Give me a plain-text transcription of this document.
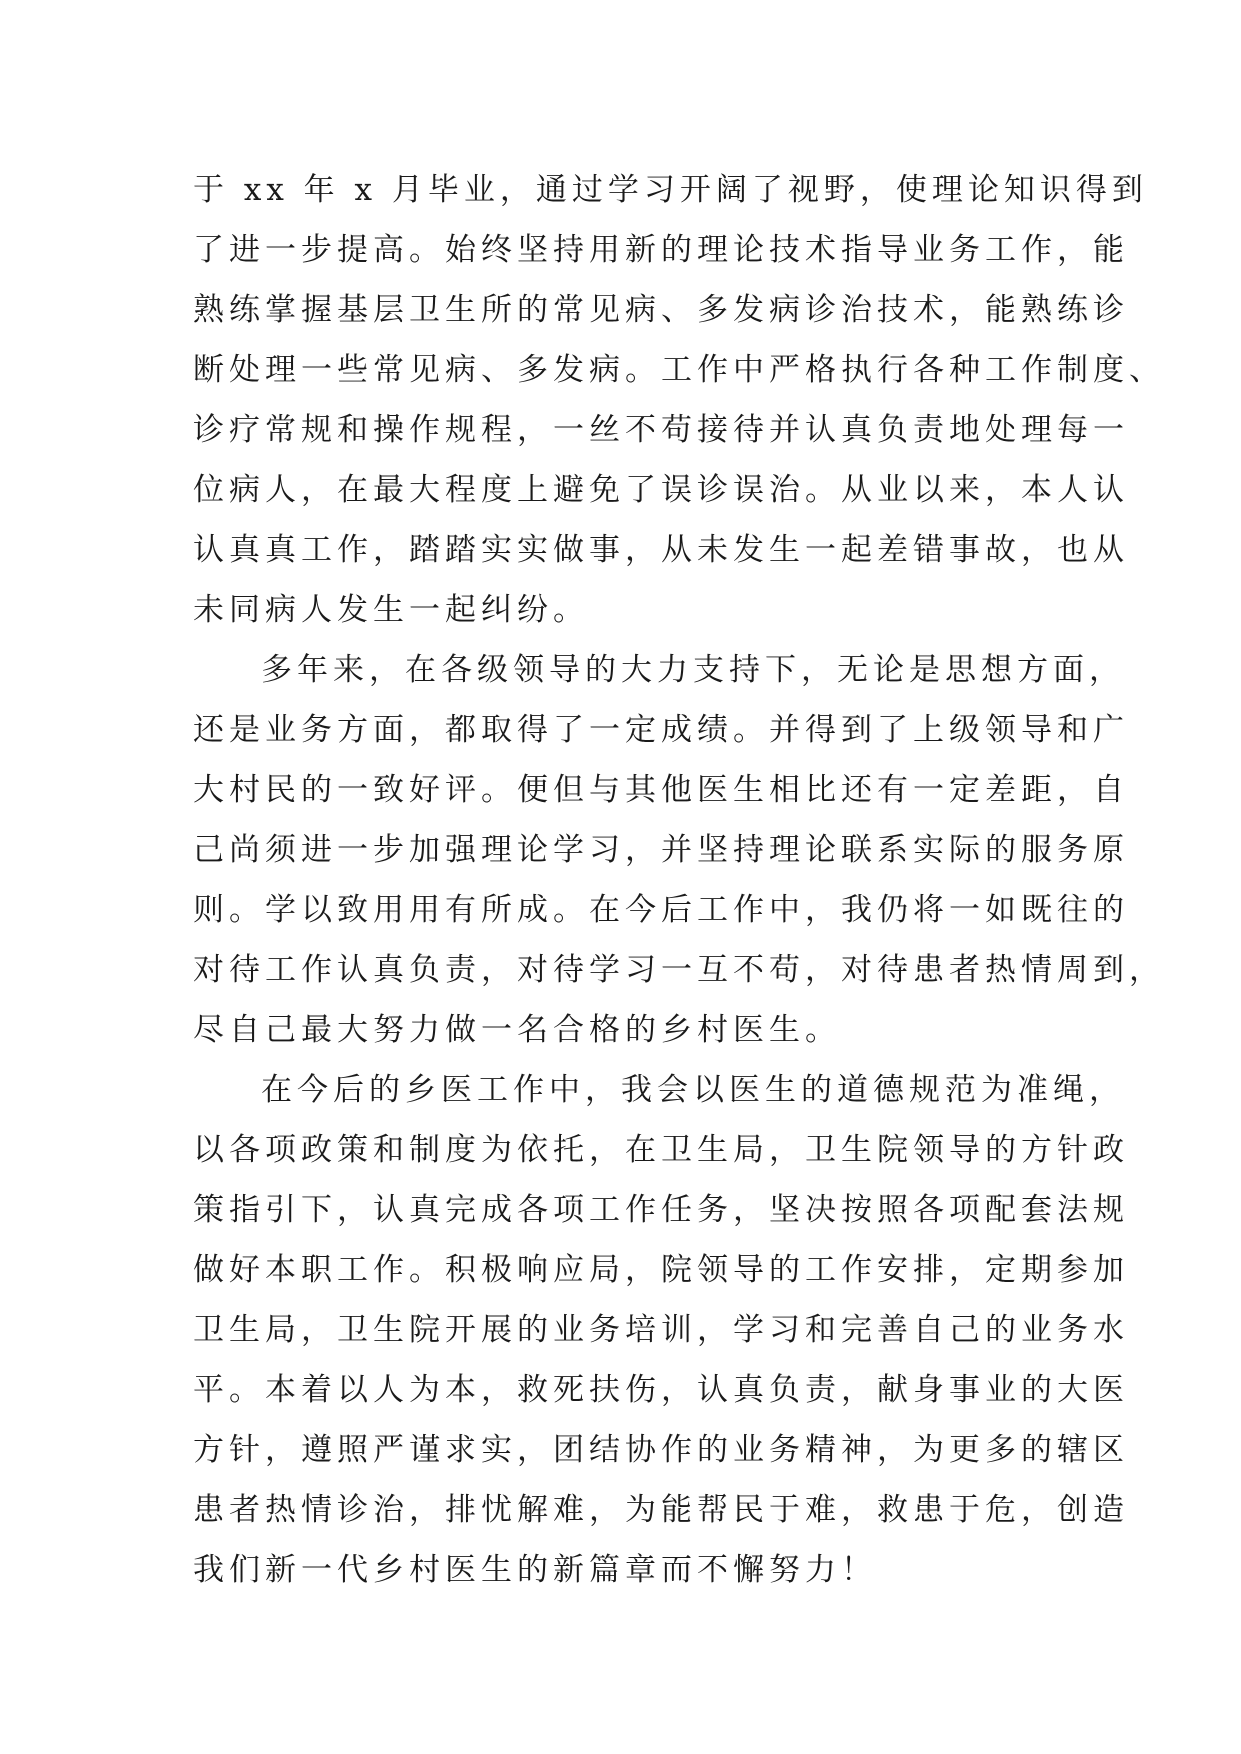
于 xx 年 x 月毕业，通过学习开阔了视野，使理论知识得到
了进一步提高。始终坚持用新的理论技术指导业务工作，能
熟练掌握基层卫生所的常见病、多发病诊治技术，能熟练诊
断处理一些常见病、多发病。工作中严格执行各种工作制度、
诊疗常规和操作规程，一丝不苟接待并认真负责地处理每一
位病人，在最大程度上避免了误诊误治。从业以来，本人认
认真真工作，踏踏实实做事，从未发生一起差错事故，也从
未同病人发生一起纠纷。
多年来，在各级领导的大力支持下，无论是思想方面，
还是业务方面，都取得了一定成绩。并得到了上级领导和广
大村民的一致好评。便但与其他医生相比还有一定差距，自
己尚须进一步加强理论学习，并坚持理论联系实际的服务原
则。学以致用用有所成。在今后工作中，我仍将一如既往的
对待工作认真负责，对待学习一互不苟，对待患者热情周到，
尽自己最大努力做一名合格的乡村医生。
在今后的乡医工作中，我会以医生的道德规范为准绳，
以各项政策和制度为依托，在卫生局，卫生院领导的方针政
策指引下，认真完成各项工作任务，坚决按照各项配套法规
做好本职工作。积极响应局，院领导的工作安排，定期参加
卫生局，卫生院开展的业务培训，学习和完善自己的业务水
平。本着以人为本，救死扶伤，认真负责，献身事业的大医
方针，遵照严谨求实，团结协作的业务精神，为更多的辖区
患者热情诊治，排忧解难，为能帮民于难，救患于危，创造
我们新一代乡村医生的新篇章而不懈努力！
